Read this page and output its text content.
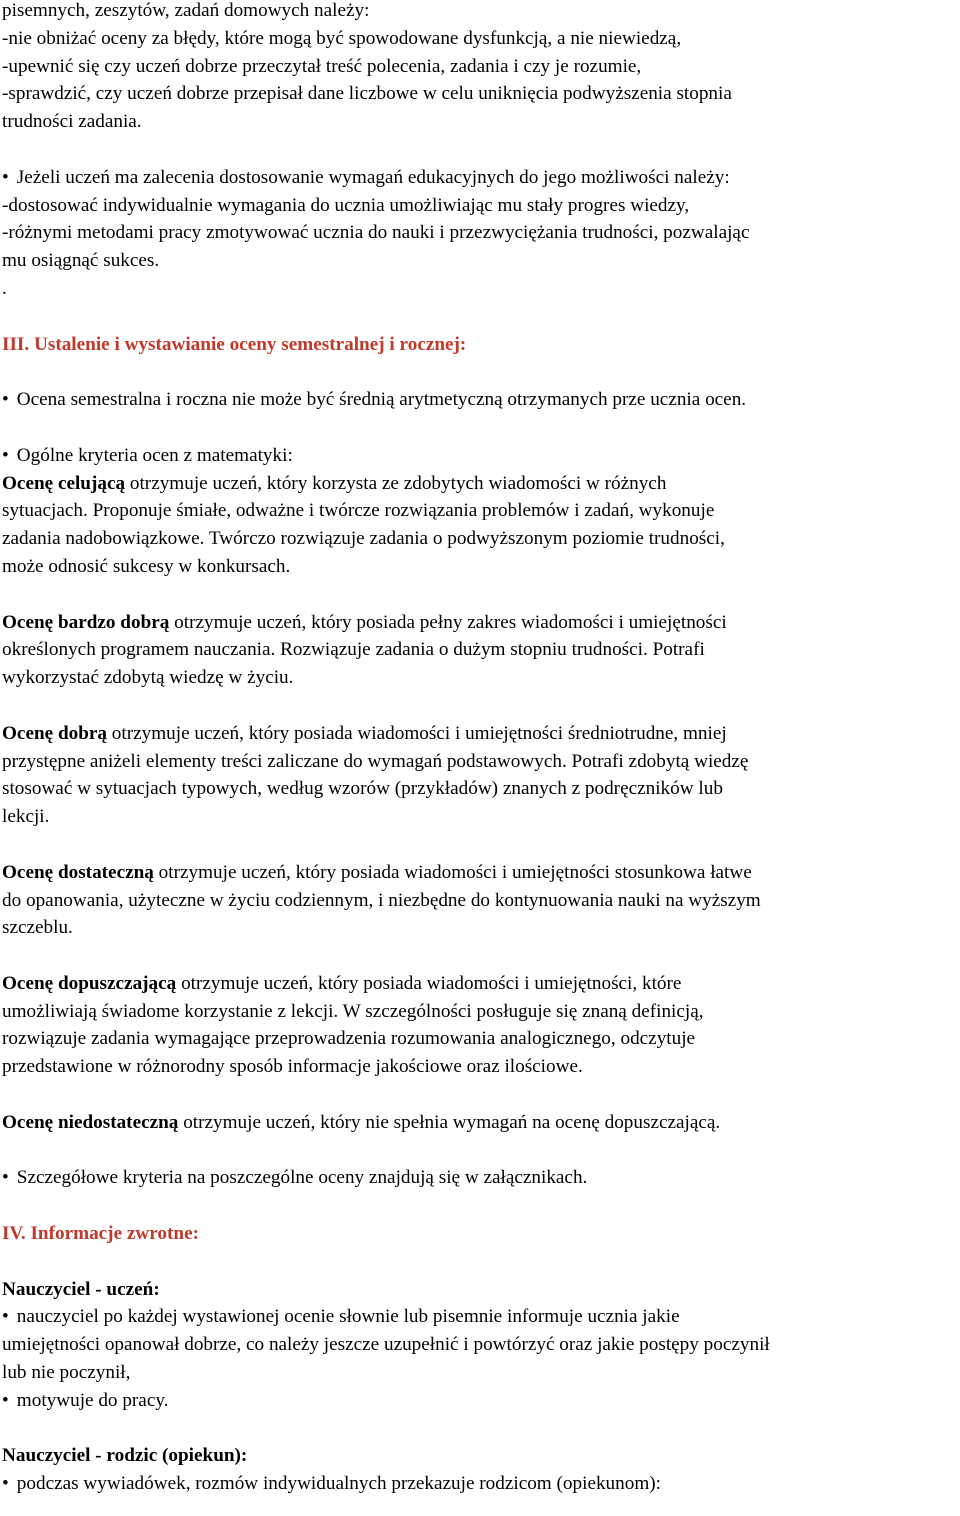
pisemnych, zeszytów, zadań domowych należy:
-nie obniżać oceny za błędy, które mogą być spowodowane dysfunkcją, a nie niewiedzą,
-upewnić się czy uczeń dobrze przeczytał treść polecenia, zadania i czy je rozumie,
-sprawdzić, czy uczeń dobrze przepisał dane liczbowe w celu uniknięcia podwyższenia stopnia
trudności zadania.
• Jeżeli uczeń ma zalecenia dostosowanie wymagań edukacyjnych do jego możliwości należy:
-dostosować indywidualnie wymagania do ucznia umożliwiając mu stały progres wiedzy,
-różnymi metodami pracy zmotywować ucznia do nauki i przezwyciężania trudności, pozwalając
mu osiągnąć sukces.
.
III. Ustalenie i wystawianie oceny semestralnej i rocznej:
• Ocena semestralna i roczna nie może być średnią arytmetyczną otrzymanych prze ucznia ocen.
• Ogólne kryteria ocen z matematyki:
Ocenę celującą otrzymuje uczeń, który korzysta ze zdobytych wiadomości w różnych
sytuacjach. Proponuje śmiałe, odważne i twórcze rozwiązania problemów i zadań, wykonuje
zadania nadobowiązkowe. Twórczo rozwiązuje zadania o podwyższonym poziomie trudności,
może odnosić sukcesy w konkursach.
Ocenę bardzo dobrą otrzymuje uczeń, który posiada pełny zakres wiadomości i umiejętności
określonych programem nauczania. Rozwiązuje zadania o dużym stopniu trudności. Potrafi
wykorzystać zdobytą wiedzę w życiu.
Ocenę dobrą otrzymuje uczeń, który posiada wiadomości i umiejętności średniotrudne, mniej
przystępne aniżeli elementy treści zaliczane do wymagań podstawowych. Potrafi zdobytą wiedzę
stosować w sytuacjach typowych, według wzorów (przykładów) znanych z podręczników lub
lekcji.
Ocenę dostateczną otrzymuje uczeń, który posiada wiadomości i umiejętności stosunkowa łatwe
do opanowania, użyteczne w życiu codziennym, i niezbędne do kontynuowania nauki na wyższym
szczeblu.
Ocenę dopuszczającą otrzymuje uczeń, który posiada wiadomości i umiejętności, które
umożliwiają świadome korzystanie z lekcji. W szczególności posługuje się znaną definicją,
rozwiązuje zadania wymagające przeprowadzenia rozumowania analogicznego, odczytuje
przedstawione w różnorodny sposób informacje jakościowe oraz ilościowe.
Ocenę niedostateczną otrzymuje uczeń, który nie spełnia wymagań na ocenę dopuszczającą.
• Szczegółowe kryteria na poszczególne oceny znajdują się w załącznikach.
IV. Informacje zwrotne:
Nauczyciel - uczeń:
• nauczyciel po każdej wystawionej ocenie słownie lub pisemnie informuje ucznia jakie
umiejętności opanował dobrze, co należy jeszcze uzupełnić i powtórzyć oraz jakie postępy poczynił
lub nie poczynił,
• motywuje do pracy.
Nauczyciel - rodzic (opiekun):
• podczas wywiadówek, rozmów indywidualnych przekazuje rodzicom (opiekunom):
